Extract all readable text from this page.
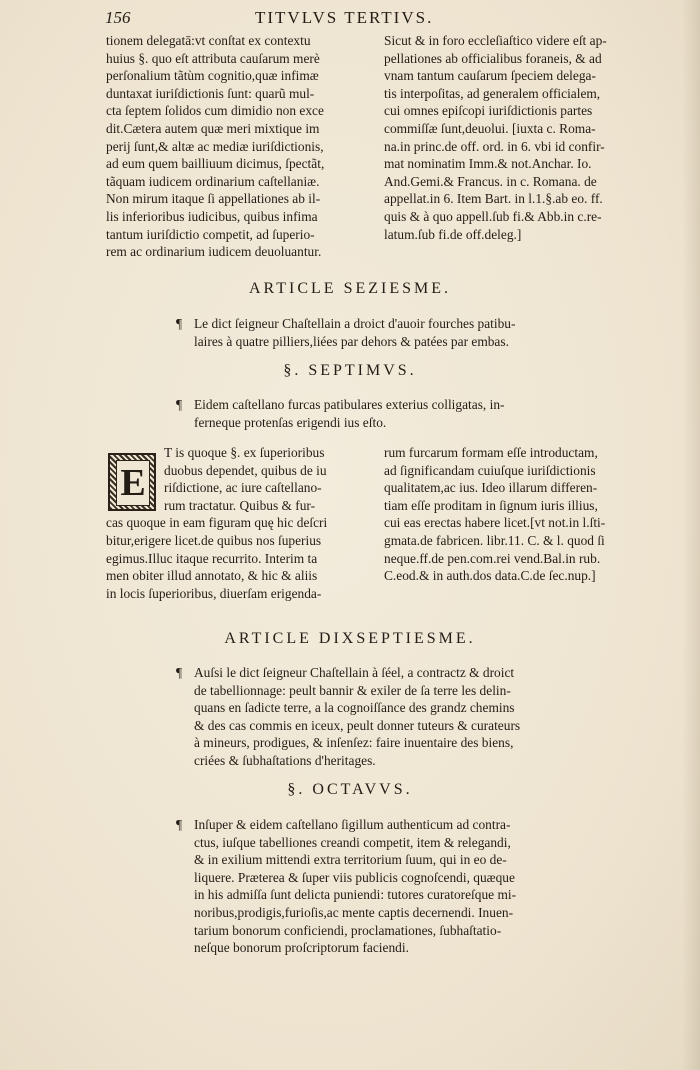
156	TITVLVS TERTIVS.
tionem delegatā:vt conſtat ex contextu
huius §. quo eſt attributa cauſarum merè
perſonalium tãtùm cognitio,quæ infimæ
duntaxat iuriſdictionis ſunt: quarũ mul-
cta ſeptem ſolidos cum dimidio non exce
dit.Cætera autem quæ meri mixtique im
perij ſunt,& altæ ac mediæ iuriſdictionis,
ad eum quem bailliuum dicimus, ſpectãt,
tãquam iudicem ordinarium caſtellaniæ.
Non mirum itaque ſi appellationes ab il-
lis inferioribus iudicibus, quibus infima
tantum iuriſdictio competit, ad ſuperio-
rem ac ordinarium iudicem deuoluantur.
Sicut & in foro eccleſiaſtico videre eſt ap-
pellationes ab officialibus foraneis, & ad
vnam tantum cauſarum ſpeciem delega-
tis interpoſitas, ad generalem officialem,
cui omnes epiſcopi iuriſdictionis partes
commiſſæ ſunt,deuolui. [iuxta c. Roma-
na.in princ.de off. ord. in 6. vbi id confir-
mat nominatim Imm.& not.Anchar. Io.
And.Gemi.& Francus. in c. Romana. de
appellat.in 6. Item Bart. in l.1.§.ab eo. ff.
quis & à quo appell.ſub fi.& Abb.in c.re-
latum.ſub fi.de off.deleg.]
ARTICLE SEZIESME.
¶ Le dict ſeigneur Chaſtellain a droict d'auoir fourches patibu-
laires à quatre pilliers,liées par dehors & patées par embas.
§. SEPTIMVS.
¶ Eidem caſtellano furcas patibulares exterius colligatas, in-
ferneque protenſas erigendi ius eſto.
E
T is quoque §. ex ſuperioribus
duobus dependet, quibus de iu
riſdictione, ac iure caſtellano-
rum tractatur. Quibus & fur-
cas quoque in eam figuram quę hic deſcri
bitur,erigere licet.de quibus nos ſuperius
egimus.Illuc itaque recurrito. Interim ta
men obiter illud annotato, & hic & aliis
in locis ſuperioribus, diuerſam erigenda-
rum furcarum formam eſſe introductam,
ad ſignificandam cuiuſque iuriſdictionis
qualitatem,ac ius. Ideo illarum differen-
tiam eſſe proditam in ſignum iuris illius,
cui eas erectas habere licet.[vt not.in l.ſti-
gmata.de fabricen. libr.11. C. & l. quod ſi
neque.ff.de pen.com.rei vend.Bal.in rub.
C.eod.& in auth.dos data.C.de ſec.nup.]
ARTICLE DIXSEPTIESME.
¶ Auſsi le dict ſeigneur Chaſtellain à ſéel, a contractz & droict
de tabellionnage: peult bannir & exiler de ſa terre les delin-
quans en ſadicte terre, a la cognoiſſance des grandz chemins
& des cas commis en iceux, peult donner tuteurs & curateurs
à mineurs, prodigues, & inſenſez: faire inuentaire des biens,
criées & ſubhaſtations d'heritages.
§. OCTAVVS.
¶ Inſuper & eidem caſtellano ſigillum authenticum ad contra-
ctus, iuſque tabelliones creandi competit, item & relegandi,
& in exilium mittendi extra territorium ſuum, qui in eo de-
liquere. Præterea & ſuper viis publicis cognoſcendi, quæque
in his admiſſa ſunt delicta puniendi: tutores curatoreſque mi-
noribus,prodigis,furioſis,ac mente captis decernendi. Inuen-
tarium bonorum conficiendi, proclamationes, ſubhaſtatio-
neſque bonorum proſcriptorum faciendi.
